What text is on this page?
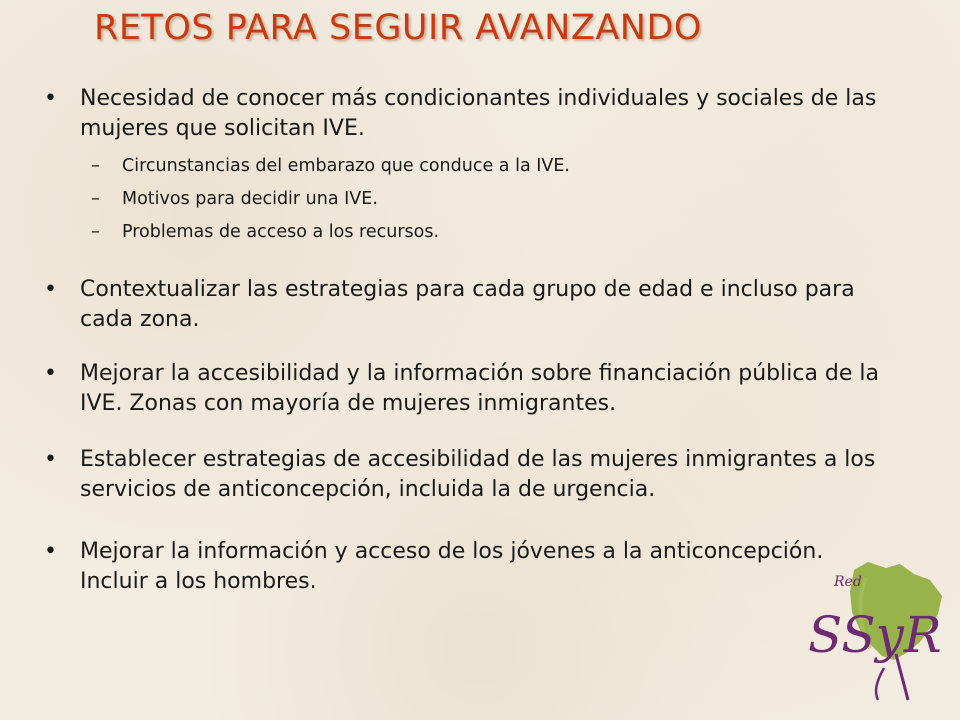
RETOS PARA SEGUIR AVANZANDO
• Necesidad de conocer más condicionantes individuales y sociales de las mujeres que solicitan IVE.
– Circunstancias del embarazo que conduce a la IVE.
– Motivos para decidir una IVE.
– Problemas de acceso a los recursos.
• Contextualizar las estrategias para cada grupo de edad e incluso para cada zona.
• Mejorar la accesibilidad y la información sobre financiación pública de la IVE. Zonas con mayoría de mujeres inmigrantes.
• Establecer estrategias de accesibilidad de las mujeres inmigrantes a los servicios de anticoncepción, incluida la de urgencia.
• Mejorar la información y acceso de los jóvenes a la anticoncepción. Incluir a los hombres.	Red
SSyR
